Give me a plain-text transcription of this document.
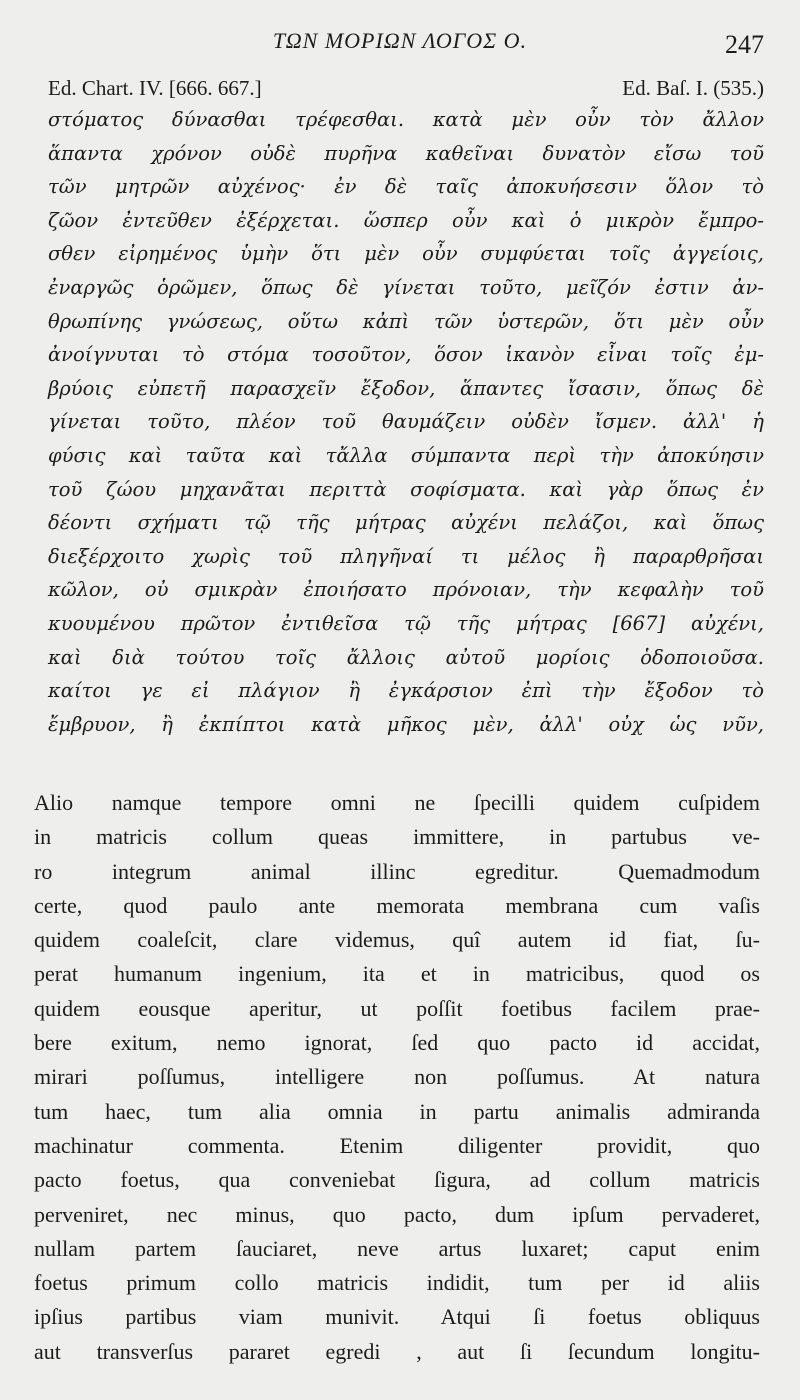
ΤΩΝ ΜΟΡΙΩΝ ΛΟΓΟΣ Ο.	247
Ed. Chart. IV. [666. 667.]	Ed. Baſ. I. (535.)
στόματος δύνασθαι τρέφεσθαι. κατὰ μὲν οὖν τὸν ἄλλον
ἅπαντα χρόνον οὐδὲ πυρῆνα καθεῖναι δυνατὸν εἴσω τοῦ
τῶν μητρῶν αὐχένος· ἐν δὲ ταῖς ἀποκυήσεσιν ὅλον τὸ
ζῶον ἐντεῦθεν ἐξέρχεται. ὥσπερ οὖν καὶ ὁ μικρὸν ἔμπρο-
σθεν εἰρημένος ὑμὴν ὅτι μὲν οὖν συμφύεται τοῖς ἀγγείοις,
ἐναργῶς ὁρῶμεν, ὅπως δὲ γίνεται τοῦτο, μεῖζόν ἐστιν ἀν-
θρωπίνης γνώσεως, οὕτω κἀπὶ τῶν ὑστερῶν, ὅτι μὲν οὖν
ἀνοίγνυται τὸ στόμα τοσοῦτον, ὅσον ἱκανὸν εἶναι τοῖς ἐμ-
βρύοις εὐπετῆ παρασχεῖν ἔξοδον, ἅπαντες ἴσασιν, ὅπως δὲ
γίνεται τοῦτο, πλέον τοῦ θαυμάζειν οὐδὲν ἴσμεν. ἀλλ' ἡ
φύσις καὶ ταῦτα καὶ τἄλλα σύμπαντα περὶ τὴν ἀποκύησιν
τοῦ ζώου μηχανᾶται περιττὰ σοφίσματα. καὶ γὰρ ὅπως ἐν
δέοντι σχήματι τῷ τῆς μήτρας αὐχένι πελάζοι, καὶ ὅπως
διεξέρχοιτο χωρὶς τοῦ πληγῆναί τι μέλος ἢ παραρθρῆσαι
κῶλον, οὐ σμικρὰν ἐποιήσατο πρόνοιαν, τὴν κεφαλὴν τοῦ
κυουμένου πρῶτον ἐντιθεῖσα τῷ τῆς μήτρας [667] αὐχένι,
καὶ διὰ τούτου τοῖς ἄλλοις αὐτοῦ μορίοις ὁδοποιοῦσα.
καίτοι γε εἰ πλάγιον ἢ ἐγκάρσιον ἐπὶ τὴν ἔξοδον τὸ
ἔμβρυον, ἢ ἐκπίπτοι κατὰ μῆκος μὲν, ἀλλ' οὐχ ὡς νῦν,
Alio namque tempore omni ne ſpecilli quidem cuſpidem
in matricis collum queas immittere, in partubus ve-
ro integrum animal illinc egreditur. Quemadmodum
certe, quod paulo ante memorata membrana cum vaſis
quidem coaleſcit, clare videmus, quî autem id fiat, ſu-
perat humanum ingenium, ita et in matricibus, quod os
quidem eousque aperitur, ut poſſit foetibus facilem prae-
bere exitum, nemo ignorat, ſed quo pacto id accidat,
mirari poſſumus, intelligere non poſſumus. At natura
tum haec, tum alia omnia in partu animalis admiranda
machinatur commenta. Etenim diligenter providit, quo
pacto foetus, qua conveniebat ſigura, ad collum matricis
perveniret, nec minus, quo pacto, dum ipſum pervaderet,
nullam partem ſauciaret, neve artus luxaret; caput enim
foetus primum collo matricis indidit, tum per id aliis
ipſius partibus viam munivit. Atqui ſi foetus obliquus
aut transverſus pararet egredi , aut ſi ſecundum longitu-
